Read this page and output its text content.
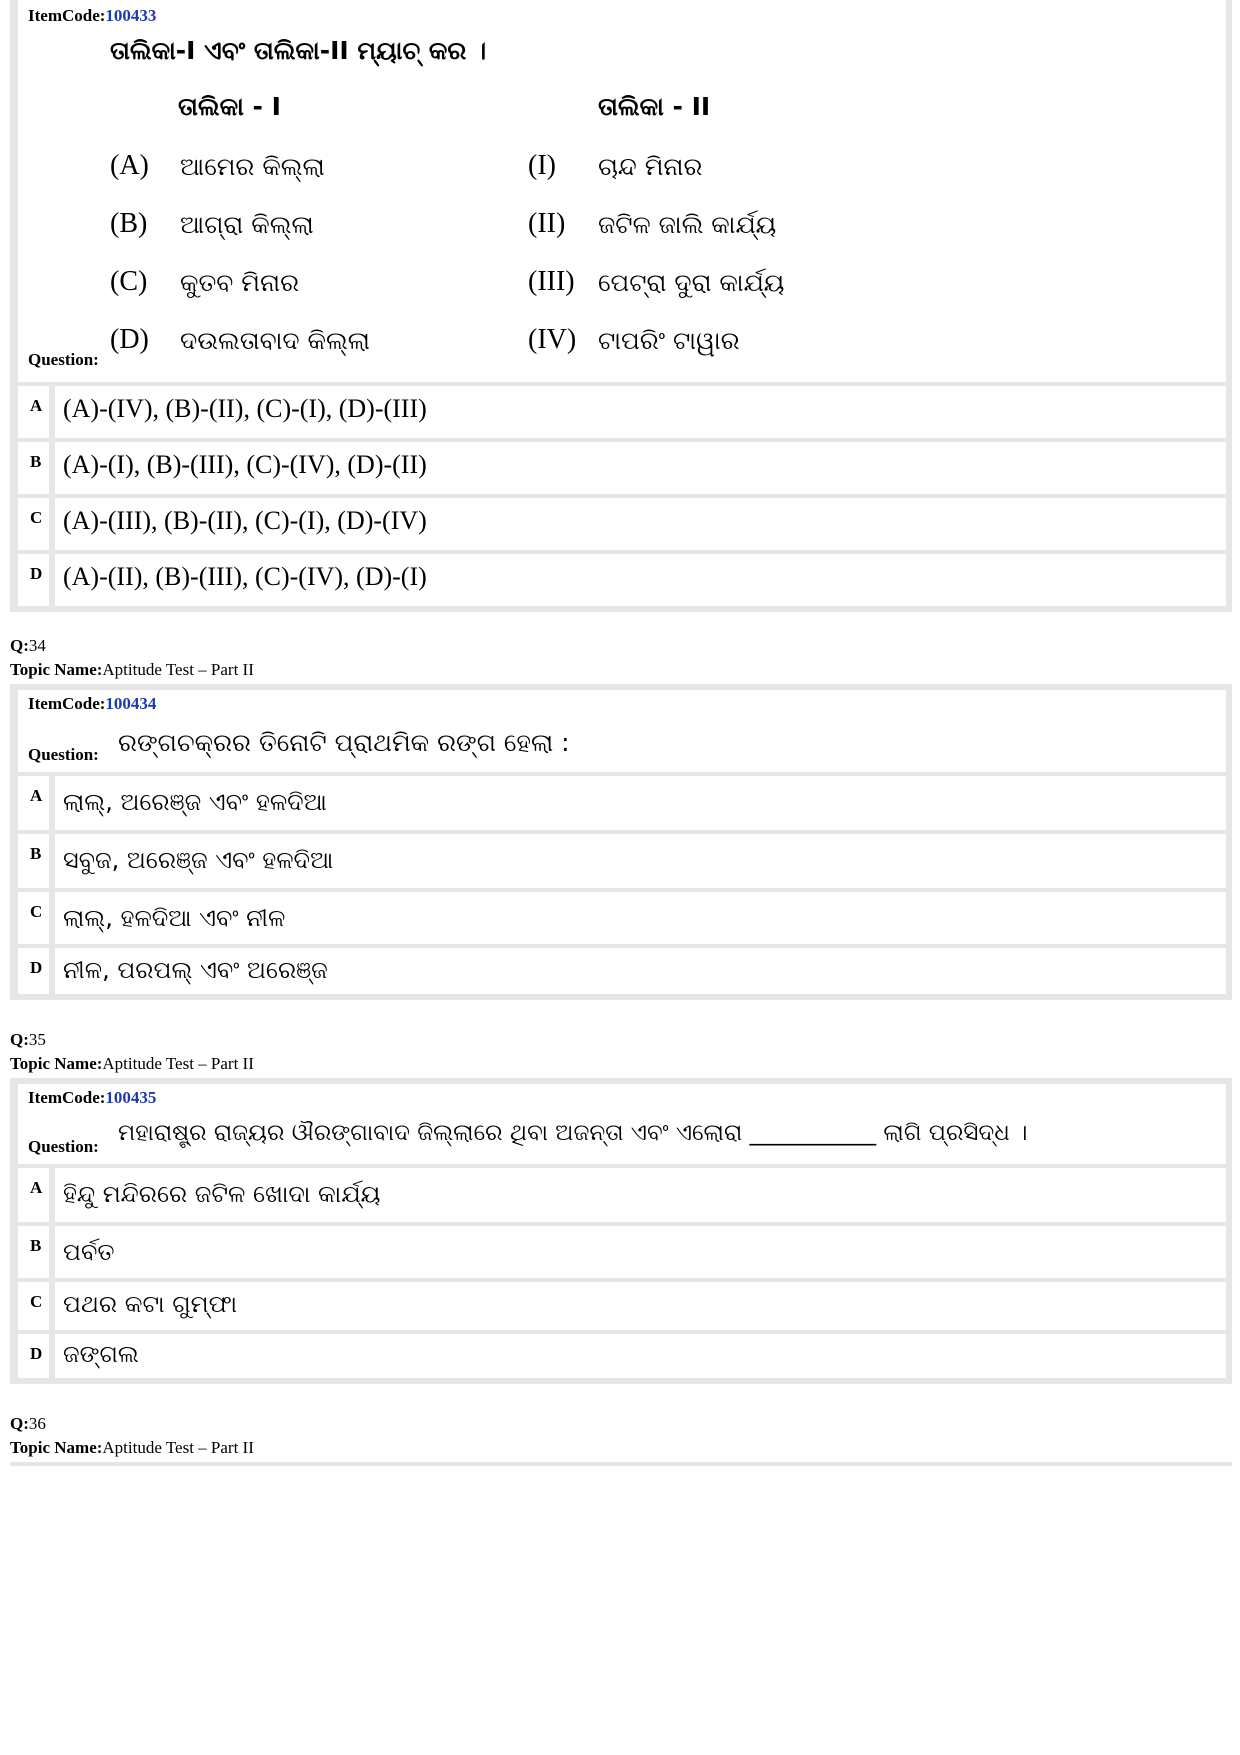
ItemCode:100433
ତାଲିକା-I ଏବଂ ତାଲିକା-II ମ୍ୟାଚ୍ କର ।
ତାଲିକା - I	ତାଲିକା - II
(A) ଆମେର କିଲ୍ଲା	(I) ଚାନ୍ଦ ମିନାର
(B) ଆଗ୍ରା କିଲ୍ଲା	(II) ଜଟିଳ ଜାଲି କାର୍ଯ୍ୟ
(C) କୁତବ ମିନାର	(III) ପେଟ୍ରା ଦୁରା କାର୍ଯ୍ୟ
Question:
(D) ଦଉଲତାବାଦ କିଲ୍ଲା	(IV) ଟାପରିଂ ଟାୱାର
A (A)-(IV), (B)-(II), (C)-(I), (D)-(III)
B (A)-(I), (B)-(III), (C)-(IV), (D)-(II)
C (A)-(III), (B)-(II), (C)-(I), (D)-(IV)
D (A)-(II), (B)-(III), (C)-(IV), (D)-(I)
Q:34
Topic Name:Aptitude Test – Part II
ItemCode:100434
Question: ରଙ୍ଗଚକ୍ରର ତିନୋଟି ପ୍ରାଥମିକ ରଙ୍ଗ ହେଲା :
A ଲାଲ୍, ଅରେଞ୍ଜ ଏବଂ ହଳଦିଆ
B ସବୁଜ, ଅରେଞ୍ଜ ଏବଂ ହଳଦିଆ
C ଲାଲ୍, ହଳଦିଆ ଏବଂ ନୀଳ
D ନୀଳ, ପରପଲ୍ ଏବଂ ଅରେଞ୍ଜ
Q:35
Topic Name:Aptitude Test – Part II
ItemCode:100435
Question:
ମହାରାଷ୍ଟ୍ର ରାଜ୍ୟର ଔରଙ୍ଗାବାଦ ଜିଲ୍ଲାରେ ଥିବା ଅଜନ୍ତା ଏବଂ ଏଲୋରା ___________ ଲାଗି ପ୍ରସିଦ୍ଧ ।
A ହିନ୍ଦୁ ମନ୍ଦିରରେ ଜଟିଳ ଖୋଦା କାର୍ଯ୍ୟ
B ପର୍ବତ
C ପଥର କଟା ଗୁମ୍ଫା
D ଜଙ୍ଗଲ
Q:36
Topic Name:Aptitude Test – Part II
